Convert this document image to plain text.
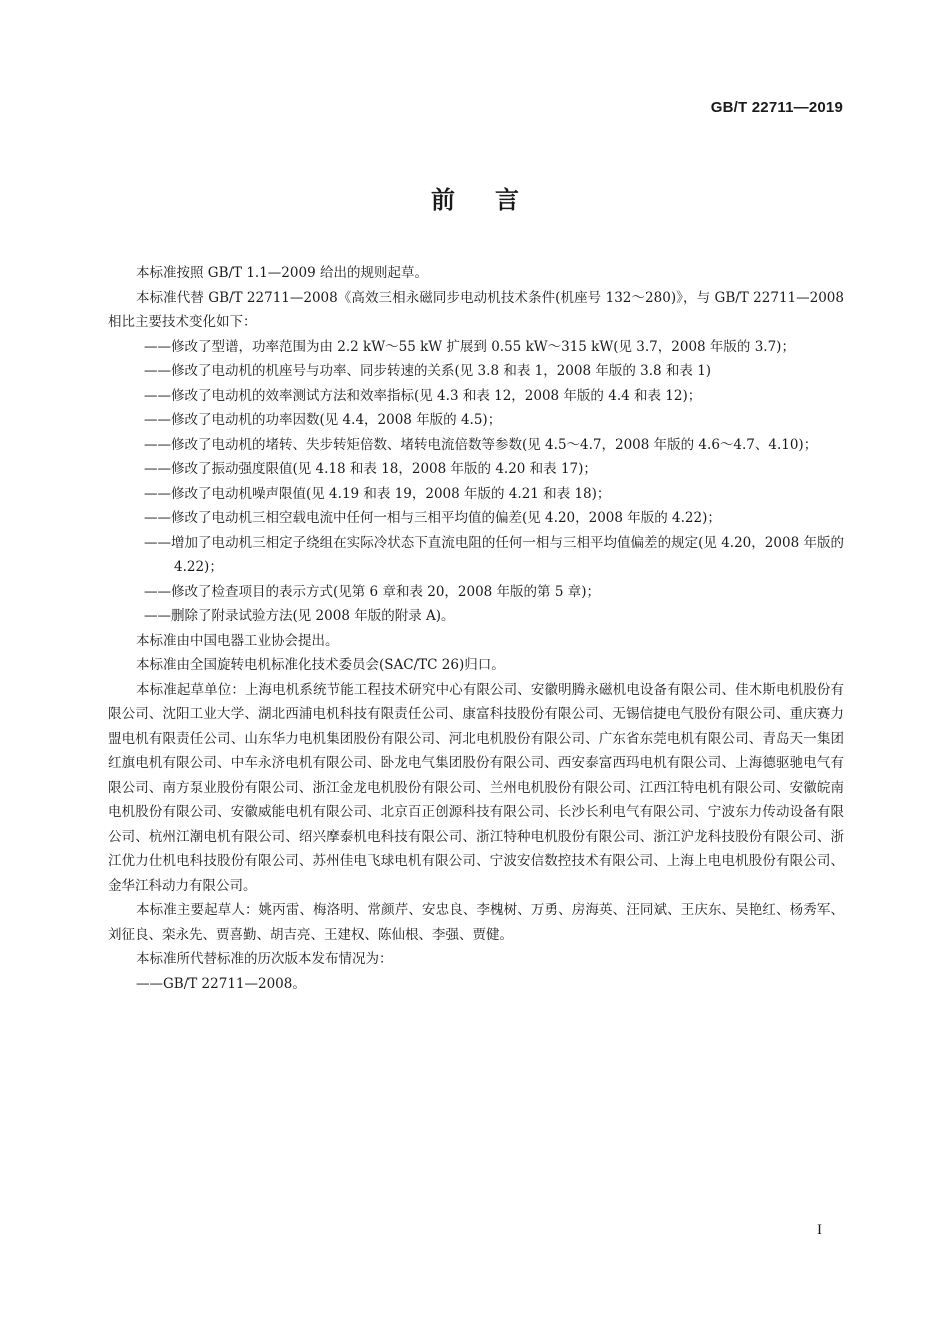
GB/T 22711—2019
前言

本标准按照 GB/T 1.1—2009 给出的规则起草。

本标准代替 GB/T 22711—2008《高效三相永磁同步电动机技术条件(机座号 132～280)》，与 GB/T 22711—2008 相比主要技术变化如下：

——修改了型谱，功率范围为由 2.2 kW～55 kW 扩展到 0.55 kW～315 kW(见 3.7，2008 年版的 3.7)；

——修改了电动机的机座号与功率、同步转速的关系(见 3.8 和表 1，2008 年版的 3.8 和表 1)

——修改了电动机的效率测试方法和效率指标(见 4.3 和表 12，2008 年版的 4.4 和表 12)；

——修改了电动机的功率因数(见 4.4，2008 年版的 4.5)；

——修改了电动机的堵转、失步转矩倍数、堵转电流倍数等参数(见 4.5～4.7，2008 年版的 4.6～4.7、4.10)；

——修改了振动强度限值(见 4.18 和表 18，2008 年版的 4.20 和表 17)；

——修改了电动机噪声限值(见 4.19 和表 19，2008 年版的 4.21 和表 18)；

——修改了电动机三相空载电流中任何一相与三相平均值的偏差(见 4.20，2008 年版的 4.22)；

——增加了电动机三相定子绕组在实际冷状态下直流电阻的任何一相与三相平均值偏差的规定(见 4.20，2008 年版的 4.22)；

——修改了检查项目的表示方式(见第 6 章和表 20，2008 年版的第 5 章)；

——删除了附录试验方法(见 2008 年版的附录 A)。

本标准由中国电器工业协会提出。

本标准由全国旋转电机标准化技术委员会(SAC/TC 26)归口。

本标准起草单位：上海电机系统节能工程技术研究中心有限公司、安徽明腾永磁机电设备有限公司、佳木斯电机股份有限公司、沈阳工业大学、湖北西浦电机科技有限责任公司、康富科技股份有限公司、无锡信捷电气股份有限公司、重庆赛力盟电机有限责任公司、山东华力电机集团股份有限公司、河北电机股份有限公司、广东省东莞电机有限公司、青岛天一集团红旗电机有限公司、中车永济电机有限公司、卧龙电气集团股份有限公司、西安泰富西玛电机有限公司、上海德驱驰电气有限公司、南方泵业股份有限公司、浙江金龙电机股份有限公司、兰州电机股份有限公司、江西江特电机有限公司、安徽皖南电机股份有限公司、安徽威能电机有限公司、北京百正创源科技有限公司、长沙长利电气有限公司、宁波东力传动设备有限公司、杭州江潮电机有限公司、绍兴摩泰机电科技有限公司、浙江特种电机股份有限公司、浙江沪龙科技股份有限公司、浙江优力仕机电科技股份有限公司、苏州佳电飞球电机有限公司、宁波安信数控技术有限公司、上海上电电机股份有限公司、金华江科动力有限公司。

本标准主要起草人：姚丙雷、梅洛明、常颜芹、安忠良、李槐树、万勇、房海英、汪同斌、王庆东、吴艳红、杨秀军、刘征良、栾永先、贾喜勤、胡吉亮、王建权、陈仙根、李强、贾健。

本标准所代替标准的历次版本发布情况为：

——GB/T 22711—2008。

I
